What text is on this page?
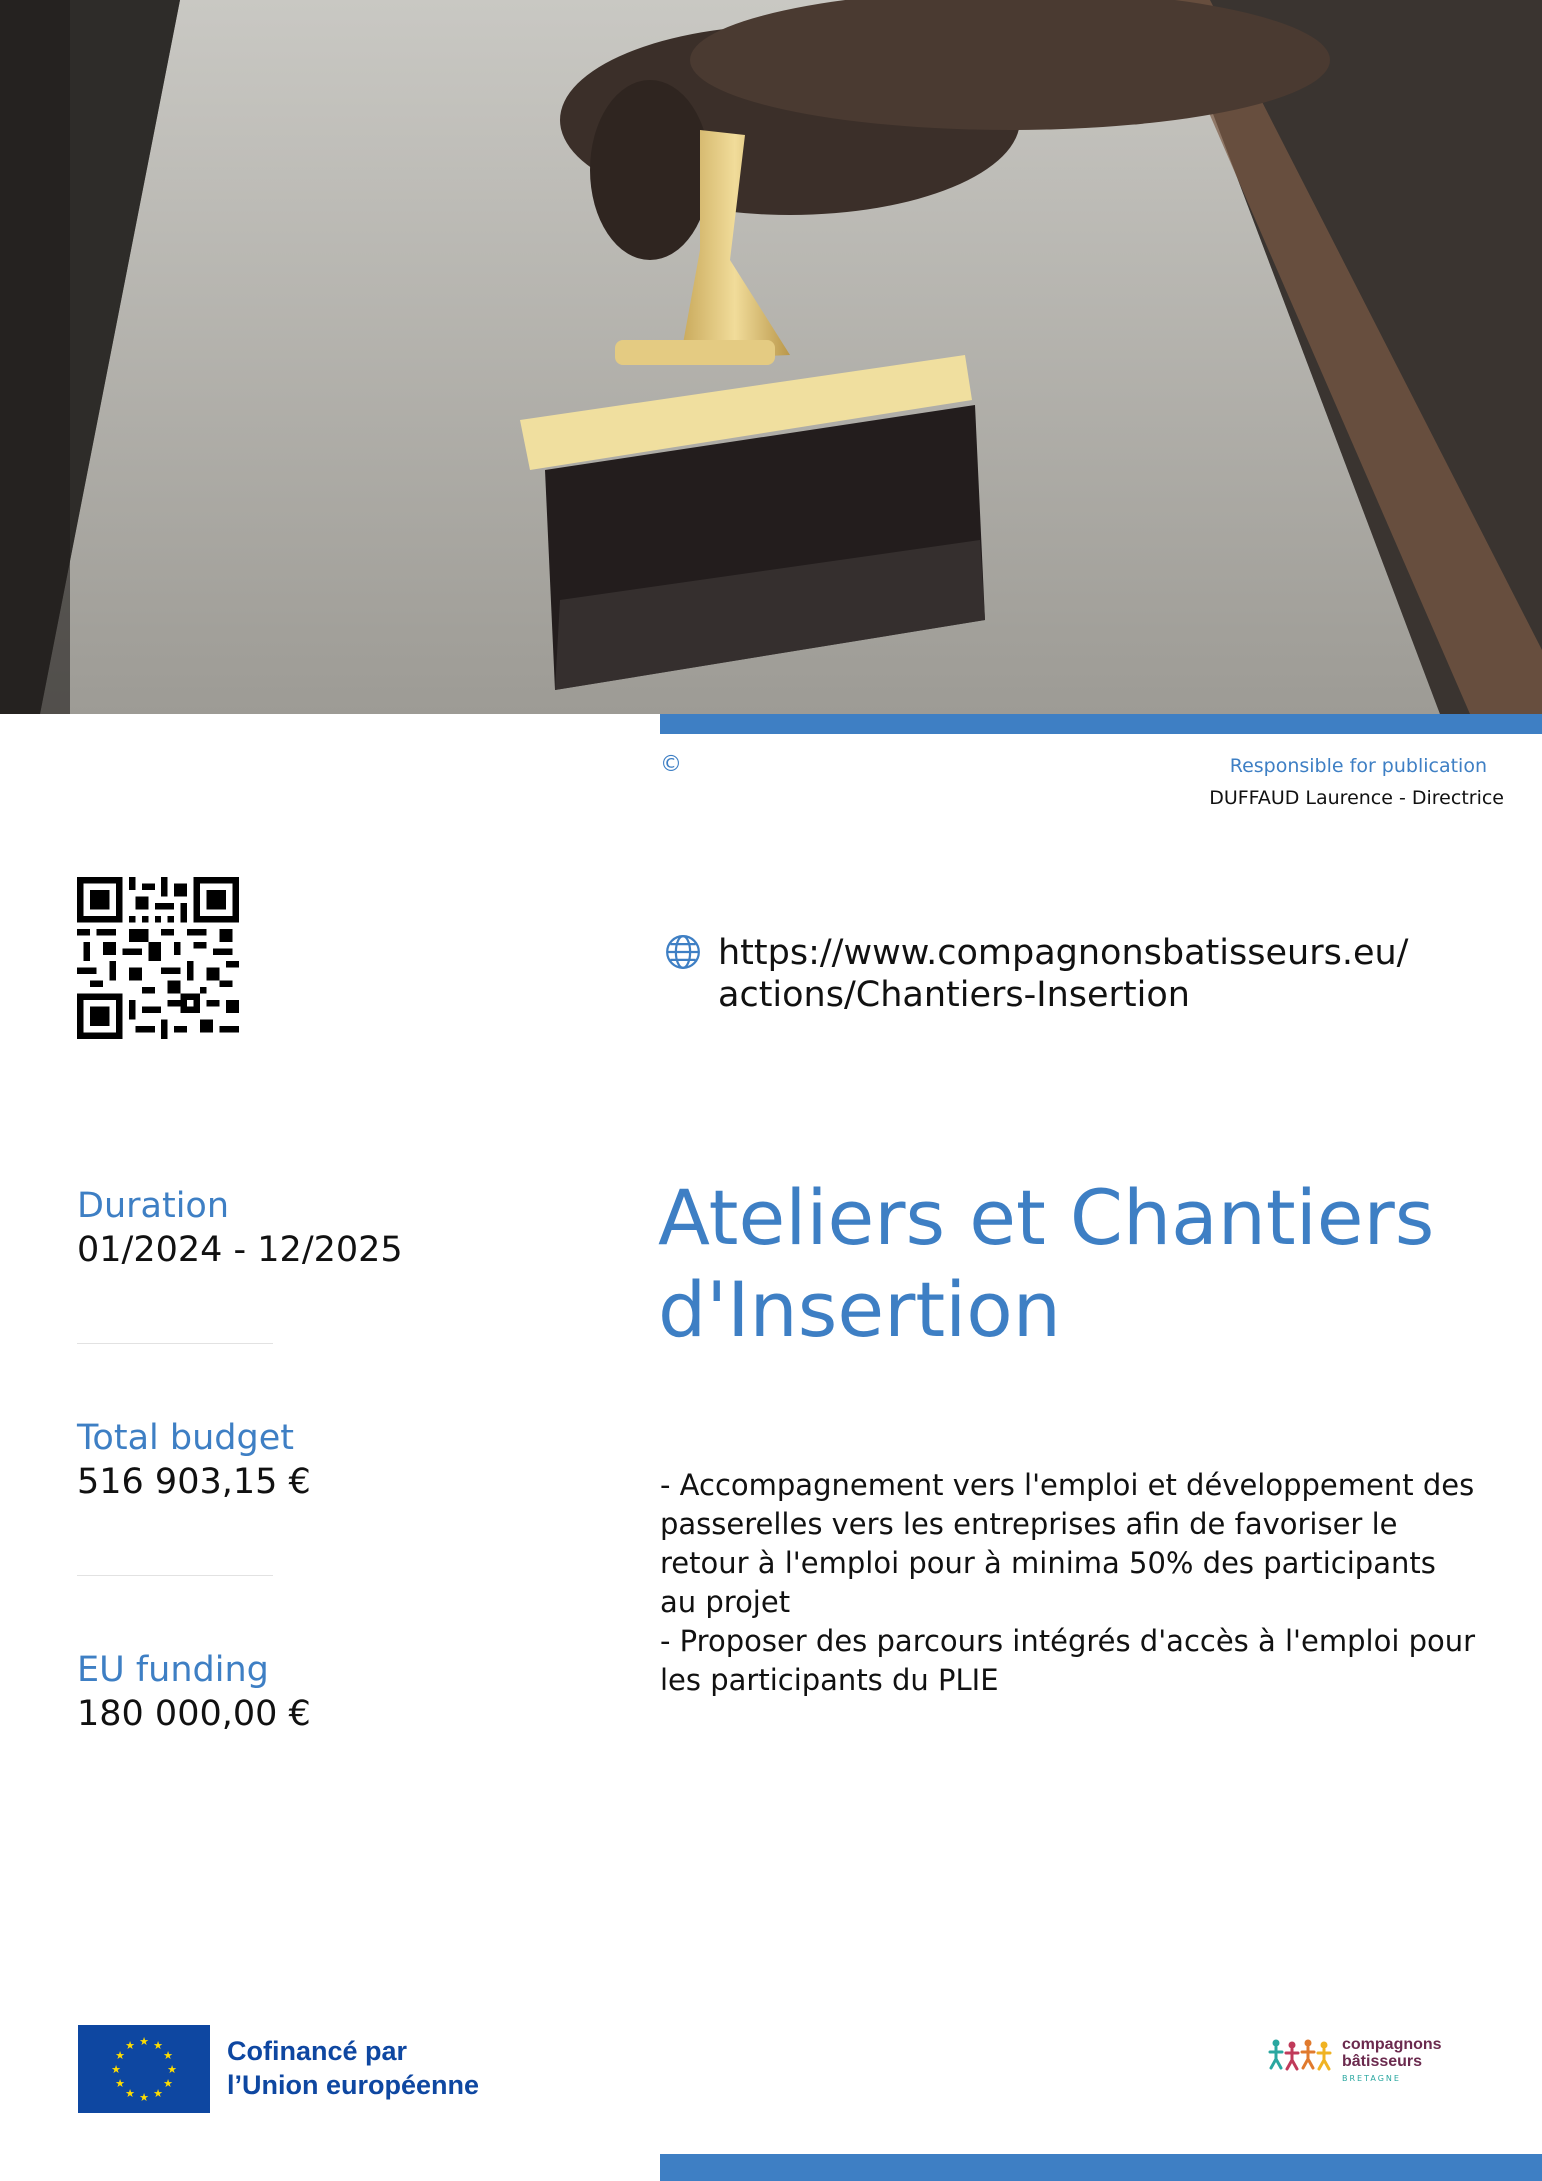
©	Responsible for publication
DUFFAUD Laurence - Directrice
https://www.compagnonsbatisseurs.eu/
actions/Chantiers-Insertion
Ateliers et Chantiers d'Insertion
- Accompagnement vers l'emploi et développement des passerelles vers les entreprises afin de favoriser le retour à l'emploi pour à minima 50% des participants au projet
- Proposer des parcours intégrés d'accès à l'emploi pour les participants du PLIE
Duration
01/2024 - 12/2025
Total budget
516 903,15 €
EU funding
180 000,00 €
★ ★
★
★
★
★
★
★
★
★
★
★	Cofinancé par
l’Union européenne
compagnons
bâtisseurs
BRETAGNE
